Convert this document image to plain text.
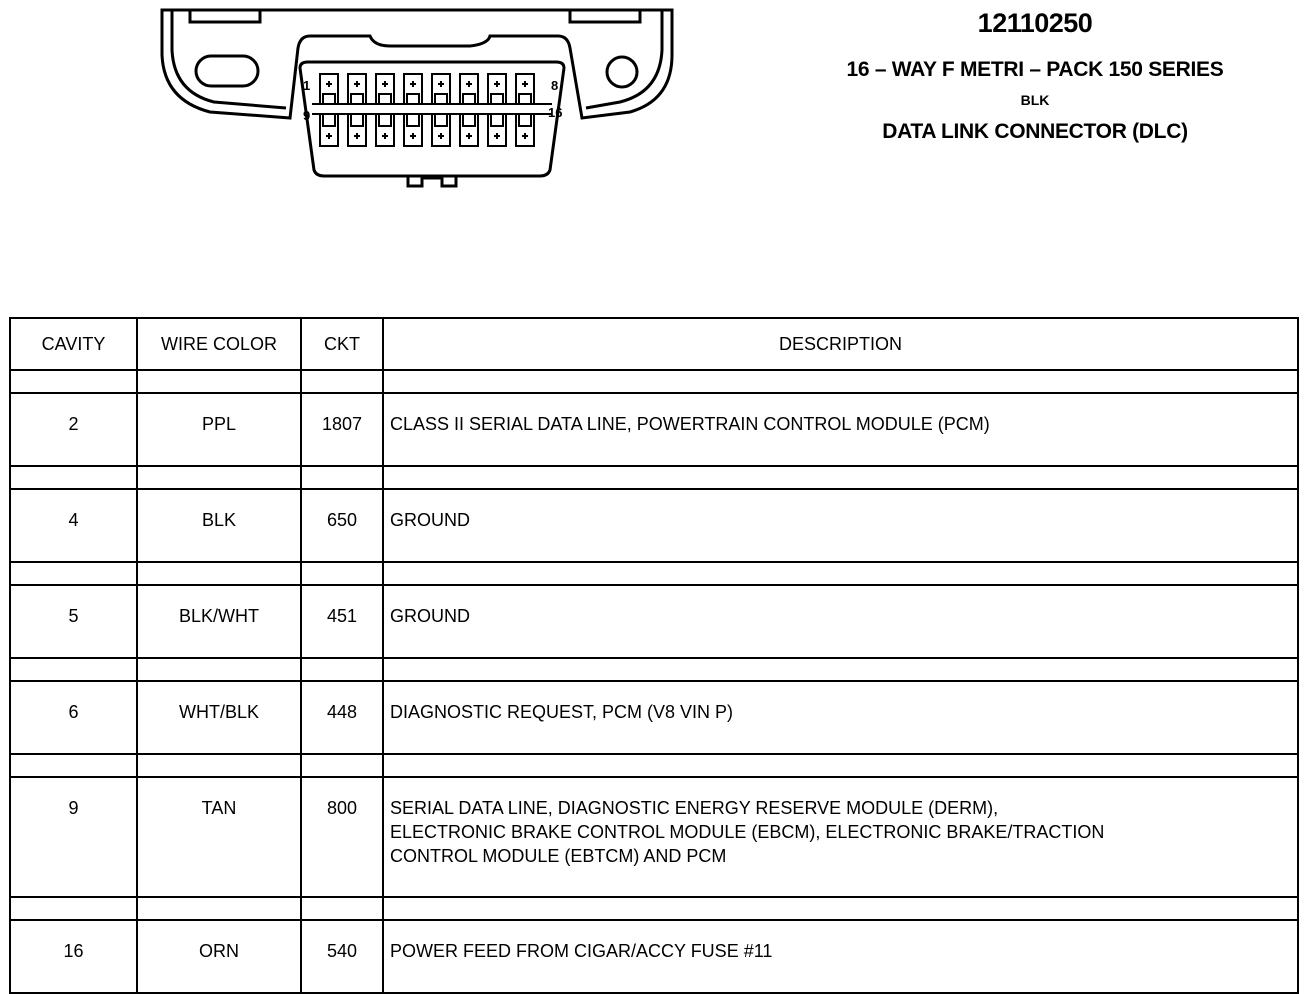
1	8
9	16
12110250
16 – WAY F METRI – PACK 150 SERIES
BLK
DATA LINK CONNECTOR (DLC)
CAVITY	WIRE COLOR	CKT	DESCRIPTION

2	PPL	1807	CLASS II SERIAL DATA LINE, POWERTRAIN CONTROL MODULE (PCM)

4	BLK	650	GROUND

5	BLK/WHT	451	GROUND

6	WHT/BLK	448	DIAGNOSTIC REQUEST, PCM (V8 VIN P)

9	TAN	800	SERIAL DATA LINE, DIAGNOSTIC ENERGY RESERVE MODULE (DERM),
ELECTRONIC BRAKE CONTROL MODULE (EBCM), ELECTRONIC BRAKE/TRACTION
CONTROL MODULE (EBTCM) AND PCM

16	ORN	540	POWER FEED FROM CIGAR/ACCY FUSE #11
